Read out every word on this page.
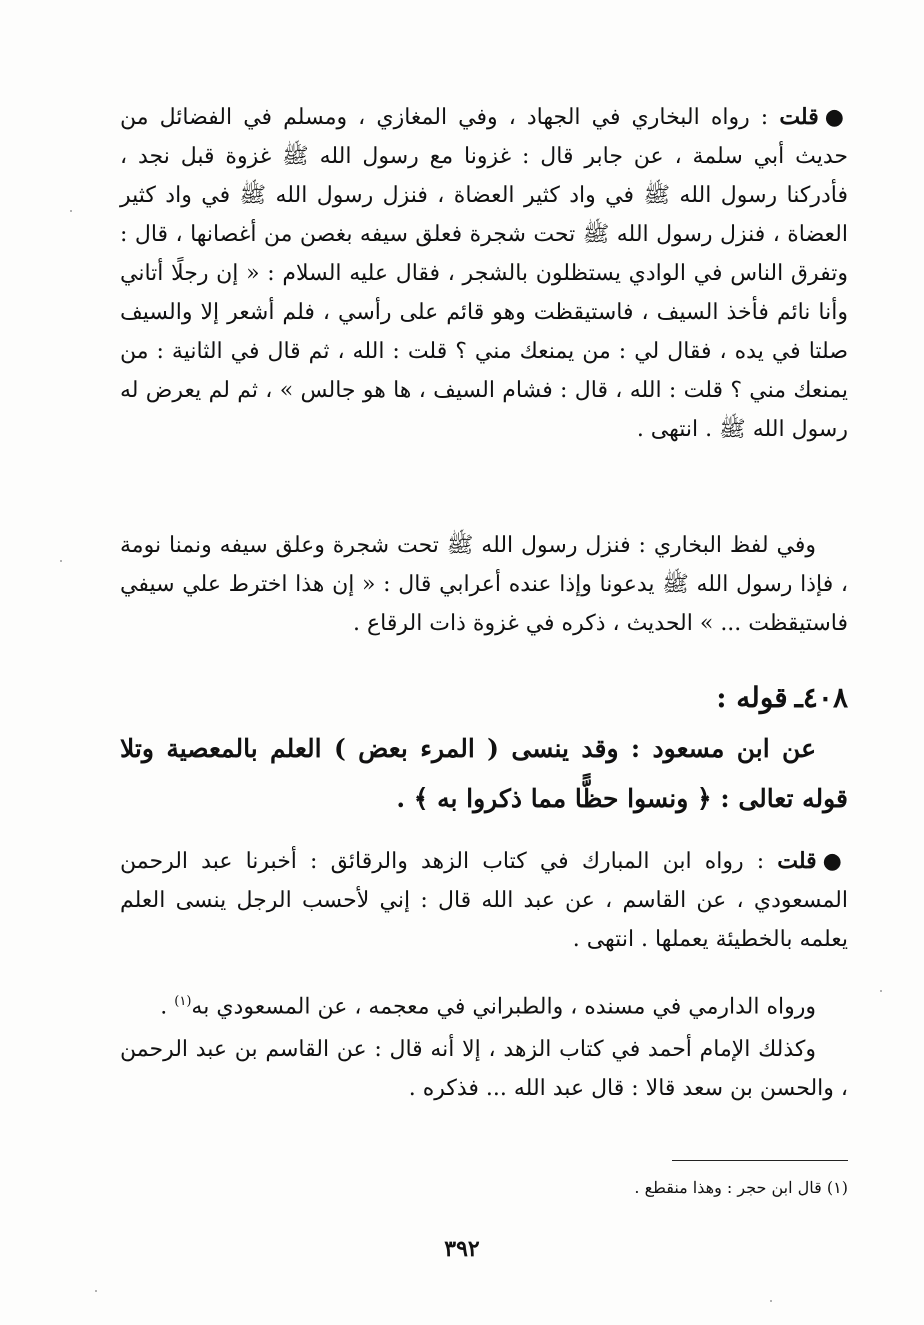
●قلت : رواه البخاري في الجهاد ، وفي المغازي ، ومسلم في الفضائل من حديث أبي سلمة ، عن جابر قال : غزونا مع رسول الله ﷺ غزوة قبل نجد ، فأدركنا رسول الله ﷺ في واد كثير العضاة ، فنزل رسول الله ﷺ في واد كثير العضاة ، فنزل رسول الله ﷺ تحت شجرة فعلق سيفه بغصن من أغصانها ، قال : وتفرق الناس في الوادي يستظلون بالشجر ، فقال عليه السلام : « إن رجلًا أتاني وأنا نائم فأخذ السيف ، فاستيقظت وهو قائم على رأسي ، فلم أشعر إلا والسيف صلتا في يده ، فقال لي : من يمنعك مني ؟ قلت : الله ، ثم قال في الثانية : من يمنعك مني ؟ قلت : الله ، قال : فشام السيف ، ها هو جالس » ، ثم لم يعرض له رسول الله ﷺ . انتهى .

وفي لفظ البخاري : فنزل رسول الله ﷺ تحت شجرة وعلق سيفه ونمنا نومة ، فإذا رسول الله ﷺ يدعونا وإذا عنده أعرابي قال : « إن هذا اخترط علي سيفي فاستيقظت ... » الحديث ، ذكره في غزوة ذات الرقاع .

٤٠٨ـ قوله :

عن ابن مسعود : وقد ينسى ( المرء بعض ) العلم بالمعصية وتلا قوله تعالى : ﴿ ونسوا حظًّا مما ذكروا به ﴾ .

●قلت : رواه ابن المبارك في كتاب الزهد والرقائق : أخبرنا عبد الرحمن المسعودي ، عن القاسم ، عن عبد الله قال : إني لأحسب الرجل ينسى العلم يعلمه بالخطيئة يعملها . انتهى .

ورواه الدارمي في مسنده ، والطبراني في معجمه ، عن المسعودي به$^{(١)}$ .

وكذلك الإمام أحمد في كتاب الزهد ، إلا أنه قال : عن القاسم بن عبد الرحمن ، والحسن بن سعد قالا : قال عبد الله ... فذكره .

(١) قال ابن حجر : وهذا منقطع .
٣٩٢
